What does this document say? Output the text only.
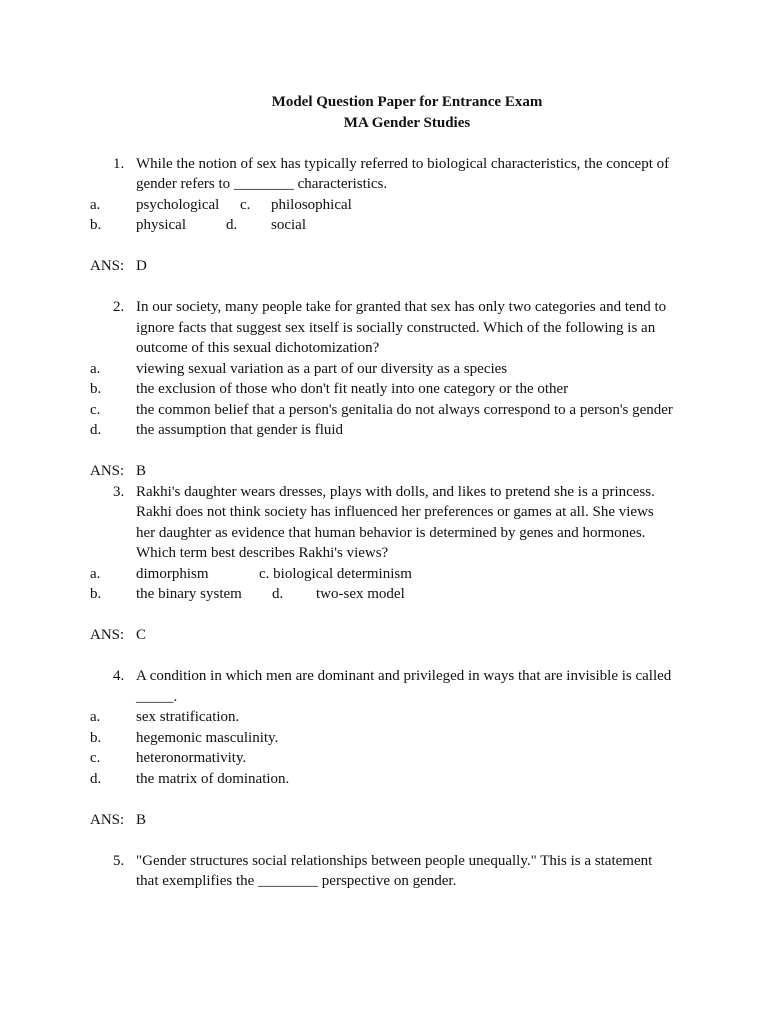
Model Question Paper for Entrance Exam
MA Gender Studies
1. While the notion of sex has typically referred to biological characteristics, the concept of
gender refers to ________ characteristics.
a. psychological c. philosophical
b. physical	d. social
ANS: D
2. In our society, many people take for granted that sex has only two categories and tend to
ignore facts that suggest sex itself is socially constructed. Which of the following is an
outcome of this sexual dichotomization?
a. viewing sexual variation as a part of our diversity as a species
b. the exclusion of those who don't fit neatly into one category or the other
c. the common belief that a person's genitalia do not always correspond to a person's gender
d. the assumption that gender is fluid
ANS: B
3. Rakhi's daughter wears dresses, plays with dolls, and likes to pretend she is a princess.
Rakhi does not think society has influenced her preferences or games at all. She views
her daughter as evidence that human behavior is determined by genes and hormones.
Which term best describes Rakhi's views?
a. dimorphism	c. biological determinism
b. the binary system d. two-sex model
ANS: C
4. A condition in which men are dominant and privileged in ways that are invisible is called
_____.
a. sex stratification.
b. hegemonic masculinity.
c. heteronormativity.
d. the matrix of domination.
ANS: B
5. "Gender structures social relationships between people unequally." This is a statement
that exemplifies the ________ perspective on gender.
